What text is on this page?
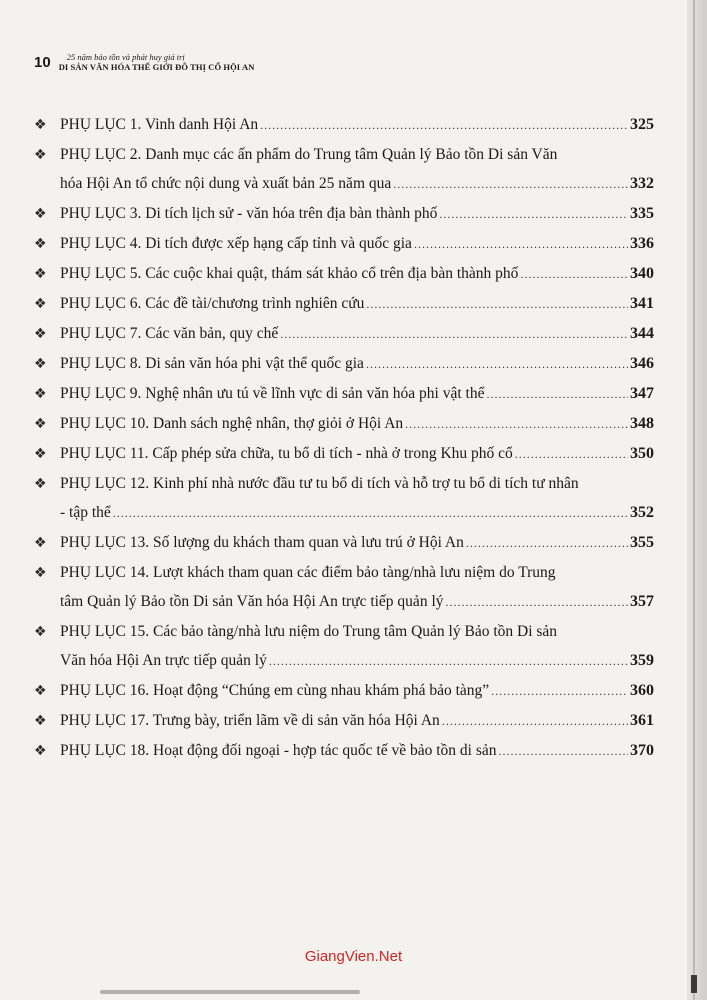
10	25 năm bảo tồn và phát huy giá trị
DI SẢN VĂN HÓA THẾ GIỚI ĐÔ THỊ CỔ HỘI AN
❖ PHỤ LỤC 1. Vinh danh Hội An .....	325
❖ PHỤ LỤC 2. Danh mục các ấn phẩm do Trung tâm Quản lý Bảo tồn Di sản Văn
hóa Hội An tổ chức nội dung và xuất bản 25 năm qua .....	332
❖ PHỤ LỤC 3. Di tích lịch sử - văn hóa trên địa bàn thành phố .....	335
❖ PHỤ LỤC 4. Di tích được xếp hạng cấp tỉnh và quốc gia .....	336
❖ PHỤ LỤC 5. Các cuộc khai quật, thám sát khảo cổ trên địa bàn thành phố .....	340
❖ PHỤ LỤC 6. Các đề tài/chương trình nghiên cứu .....	341
❖ PHỤ LỤC 7. Các văn bản, quy chế .....	344
❖ PHỤ LỤC 8. Di sản văn hóa phi vật thể quốc gia .....	346
❖ PHỤ LỤC 9. Nghệ nhân ưu tú về lĩnh vực di sản văn hóa phi vật thể .....	347
❖ PHỤ LỤC 10. Danh sách nghệ nhân, thợ giỏi ở Hội An .....	348
❖ PHỤ LỤC 11. Cấp phép sửa chữa, tu bổ di tích - nhà ở trong Khu phố cổ .....	350
❖ PHỤ LỤC 12. Kinh phí nhà nước đầu tư tu bổ di tích và hỗ trợ tu bổ di tích tư nhân
- tập thể .....	352
❖ PHỤ LỤC 13. Số lượng du khách tham quan và lưu trú ở Hội An .....	355
❖ PHỤ LỤC 14. Lượt khách tham quan các điểm bảo tàng/nhà lưu niệm do Trung
tâm Quản lý Bảo tồn Di sản Văn hóa Hội An trực tiếp quản lý .....	357
❖ PHỤ LỤC 15. Các bảo tàng/nhà lưu niệm do Trung tâm Quản lý Bảo tồn Di sản
Văn hóa Hội An trực tiếp quản lý .....	359
❖ PHỤ LỤC 16. Hoạt động “Chúng em cùng nhau khám phá bảo tàng” .....	360
❖ PHỤ LỤC 17. Trưng bày, triển lãm về di sản văn hóa Hội An .....	361
❖ PHỤ LỤC 18. Hoạt động đối ngoại - hợp tác quốc tế về bảo tồn di sản .....	370
GiangVien.Net
